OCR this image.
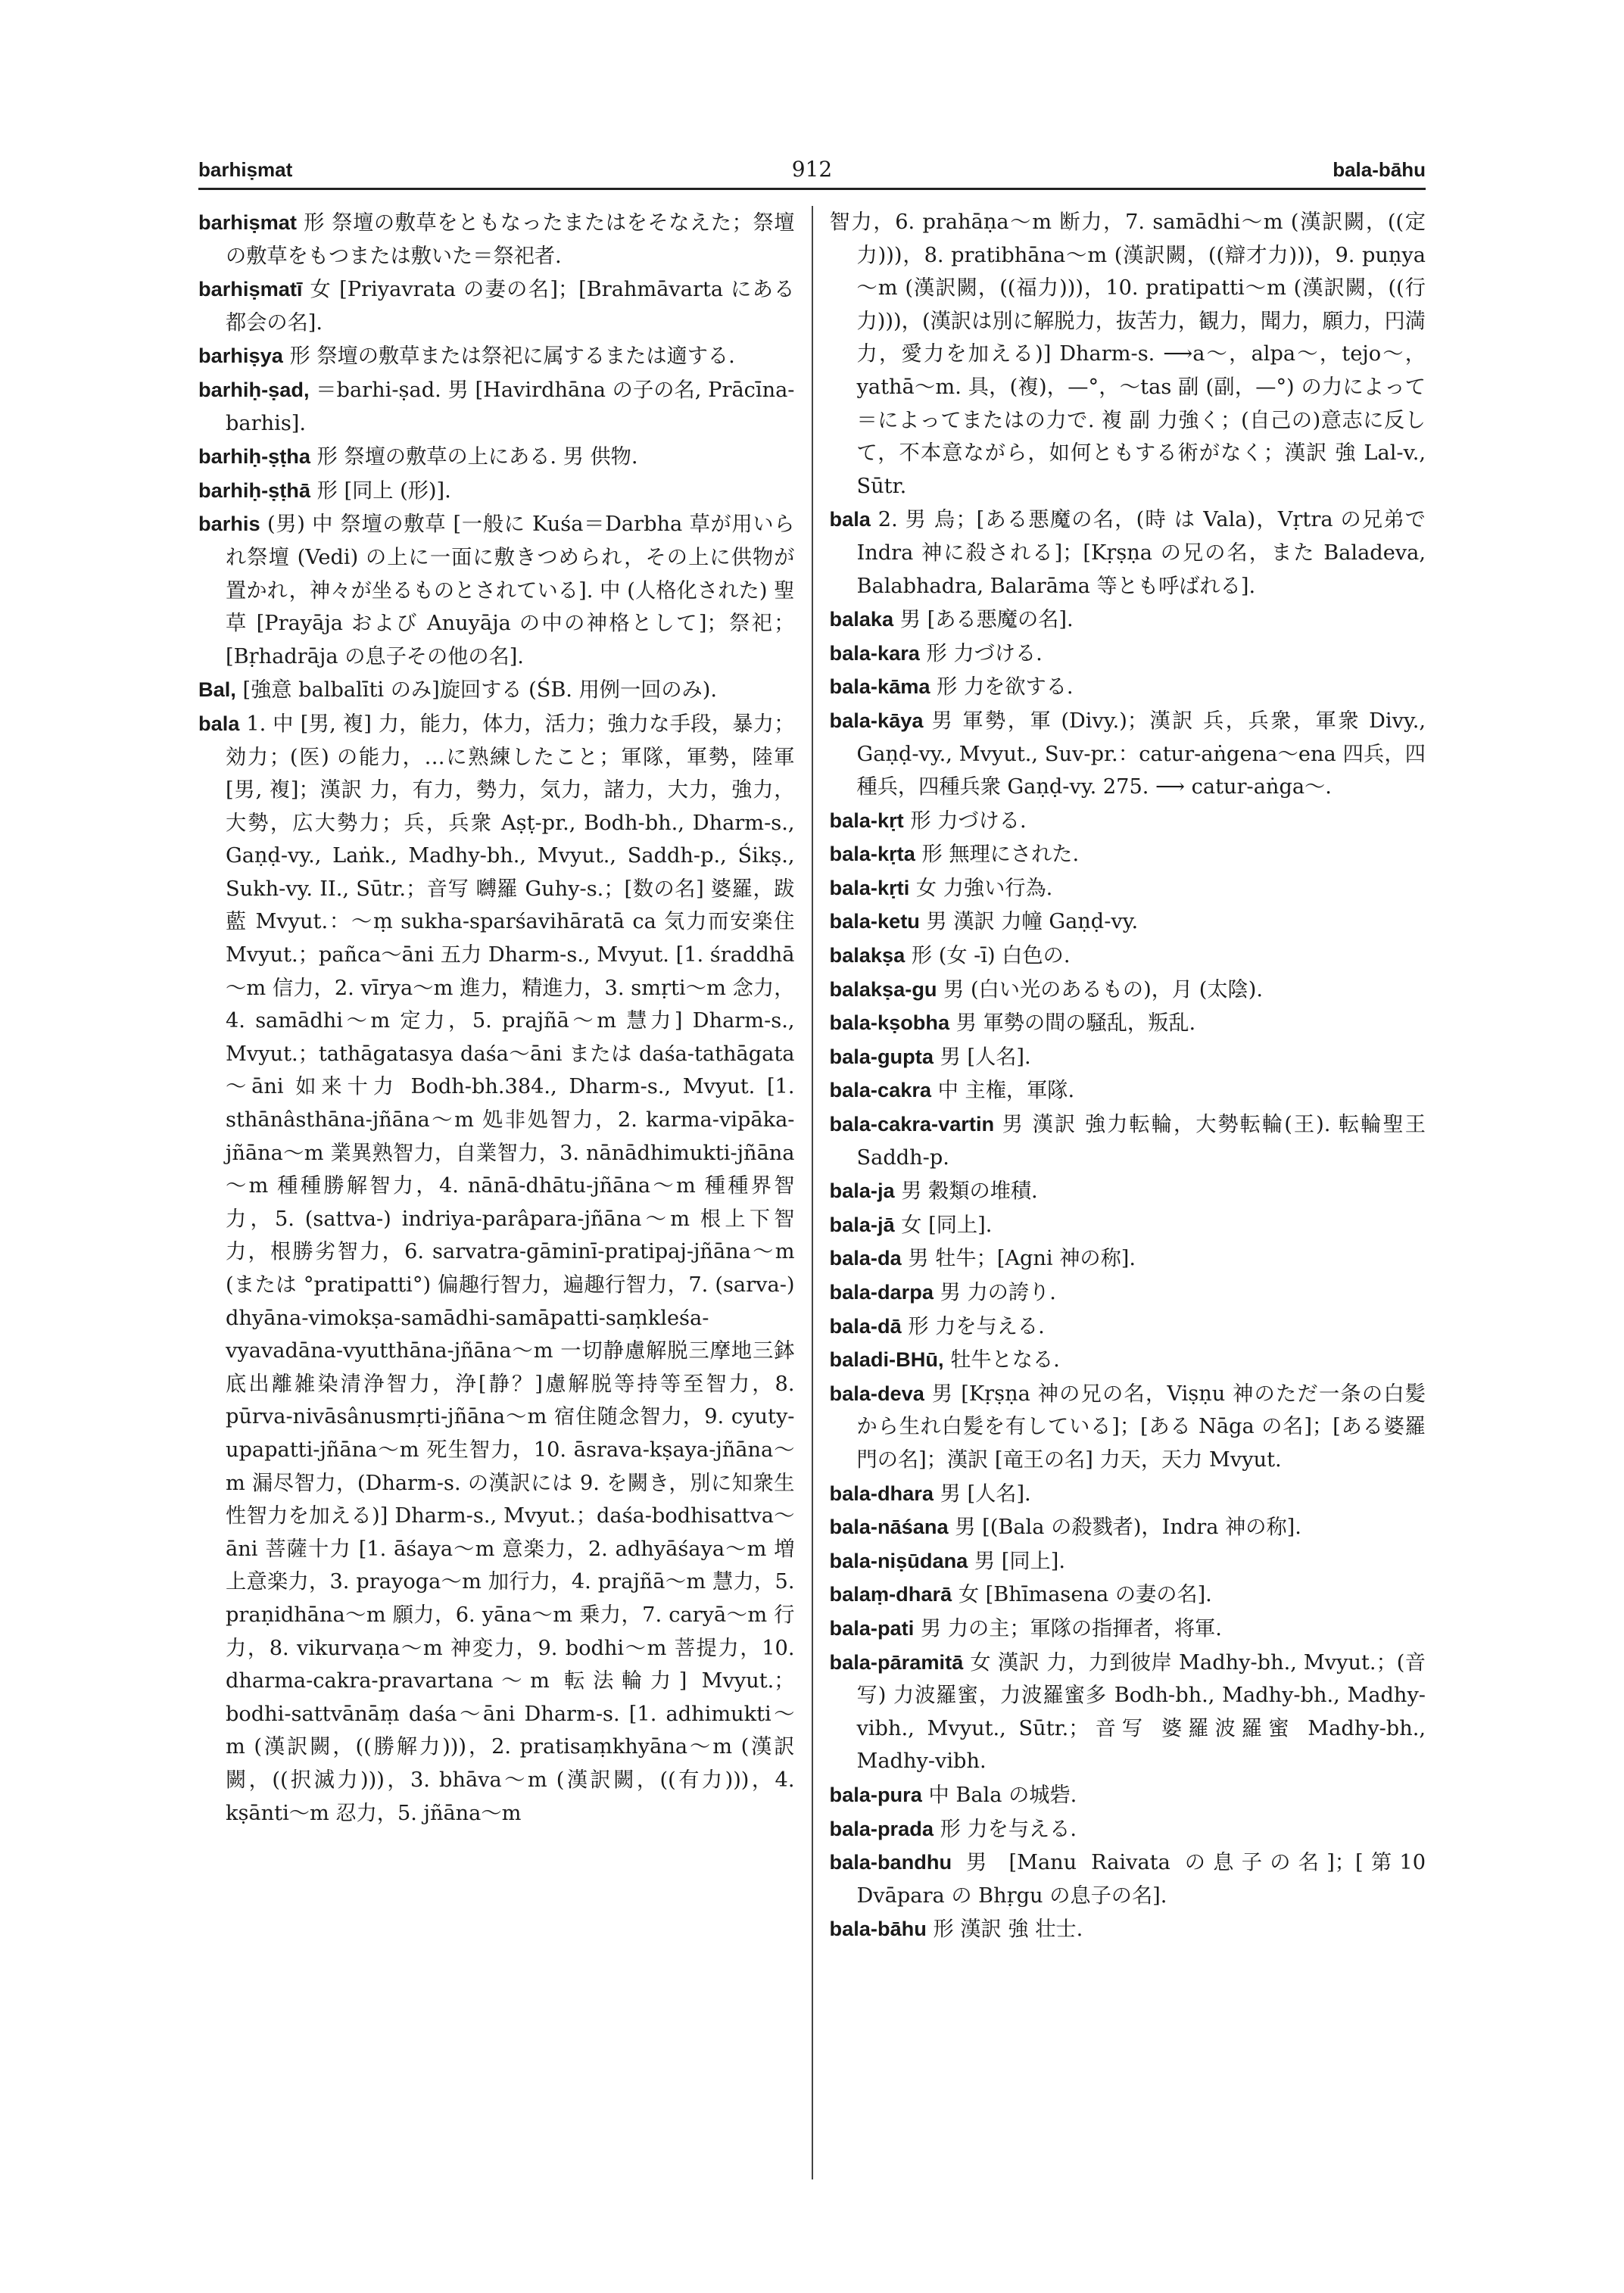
barhiṣmat	912	bala-bāhu

barhiṣmat 形 祭壇の敷草をともなったまたはをそなえた；祭壇の敷草をもつまたは敷いた＝祭祀者.

barhiṣmatī 女 [Priyavrata の妻の名]；[Brahmāvarta にある都会の名].

barhiṣya 形 祭壇の敷草または祭祀に属するまたは適する.

barhiḥ-ṣad, ＝barhi-ṣad. 男 [Havirdhāna の子の名, Prācīna-barhis].

barhiḥ-ṣṭha 形 祭壇の敷草の上にある. 男 供物.

barhiḥ-ṣṭhā 形 [同上 (形)].

barhis (男) 中 祭壇の敷草 [一般に Kuśa＝Darbha 草が用いられ祭壇 (Vedi) の上に一面に敷きつめられ，その上に供物が置かれ，神々が坐るものとされている]. 中 (人格化された) 聖草 [Prayāja および Anuyāja の中の神格として]；祭祀；[Bṛhadrāja の息子その他の名].

Bal, [強意 balbalīti のみ]旋回する (ŚB. 用例一回のみ).

bala 1. 中 [男, 複] 力，能力，体力，活力；強力な手段，暴力；効力；(医) の能力，…に熟練したこと；軍隊，軍勢，陸軍 [男, 複]；漢訳 力，有力，勢力，気力，諸力，大力，強力，大勢，広大勢力；兵，兵衆 Aṣṭ-pr., Bodh-bh., Dharm-s., Gaṇḍ-vy., Laṅk., Madhy-bh., Mvyut., Saddh-p., Śikṣ., Sukh-vy. II., Sūtr.；音写 嚩羅 Guhy-s.；[数の名] 婆羅，跋藍 Mvyut.：～ṃ sukha-sparśavihāratā ca 気力而安楽住 Mvyut.；pañca～āni 五力 Dharm-s., Mvyut. [1. śraddhā～m 信力，2. vīrya～m 進力，精進力，3. smṛti～m 念力，4. samādhi～m 定力，5. prajñā～m 慧力] Dharm-s., Mvyut.；tathāgatasya daśa～āni または daśa-tathāgata～āni 如来十力 Bodh-bh.384., Dharm-s., Mvyut. [1. sthānâsthāna-jñāna～m 処非処智力，2. karma-vipāka-jñāna～m 業異熟智力，自業智力，3. nānādhimukti-jñāna～m 種種勝解智力，4. nānā-dhātu-jñāna～m 種種界智力，5. (sattva-) indriya-parâpara-jñāna～m 根上下智力，根勝劣智力，6. sarvatra-gāminī-pratipaj-jñāna～m (または °pratipatti°) 偏趣行智力，遍趣行智力，7. (sarva-) dhyāna-vimokṣa-samādhi-samāpatti-saṃkleśa-vyavadāna-vyutthāna-jñāna～m 一切静慮解脱三摩地三鉢底出離雑染清浄智力，浄[静？]慮解脱等持等至智力，8. pūrva-nivāsânusmṛti-jñāna～m 宿住随念智力，9. cyuty-upapatti-jñāna～m 死生智力，10. āsrava-kṣaya-jñāna～m 漏尽智力，(Dharm-s. の漢訳には 9. を闕き，別に知衆生性智力を加える)] Dharm-s., Mvyut.；daśa-bodhisattva～āni 菩薩十力 [1. āśaya～m 意楽力，2. adhyāśaya～m 増上意楽力，3. prayoga～m 加行力，4. prajñā～m 慧力，5. praṇidhāna～m 願力，6. yāna～m 乗力，7. caryā～m 行力，8. vikurvaṇa～m 神変力，9. bodhi～m 菩提力，10. dharma-cakra-pravartana～m 転法輪力] Mvyut.；bodhi-sattvānāṃ daśa～āni Dharm-s. [1. adhimukti～m (漢訳闕，((勝解力)))，2. pratisaṃkhyāna～m (漢訳闕，((択滅力)))，3. bhāva～m (漢訳闕，((有力)))，4. kṣānti～m 忍力，5. jñāna～m

智力，6. prahāṇa～m 断力，7. samādhi～m (漢訳闕，((定力)))，8. pratibhāna～m (漢訳闕，((辯才力)))，9. puṇya～m (漢訳闕，((福力)))，10. pratipatti～m (漢訳闕，((行力)))，(漢訳は別に解脱力，抜苦力，観力，聞力，願力，円満力，愛力を加える)] Dharm-s. ⟶a～，alpa～，tejo～，yathā～m. 具，(複)，—°，～tas 副 (副，—°) の力によって＝によってまたはの力で. 複 副 力強く；(自己の)意志に反して，不本意ながら，如何ともする術がなく；漢訳 強 Lal-v., Sūtr.

bala 2. 男 烏；[ある悪魔の名，(時 は Vala)，Vṛtra の兄弟で Indra 神に殺される]；[Kṛṣṇa の兄の名，また Baladeva, Balabhadra, Balarāma 等とも呼ばれる].

balaka 男 [ある悪魔の名].

bala-kara 形 力づける.

bala-kāma 形 力を欲する.

bala-kāya 男 軍勢，軍 (Divy.)；漢訳 兵，兵衆，軍衆 Divy., Gaṇḍ-vy., Mvyut., Suv-pr.：catur-aṅgena～ena 四兵，四種兵，四種兵衆 Gaṇḍ-vy. 275. ⟶ catur-aṅga～.

bala-kṛt 形 力づける.

bala-kṛta 形 無理にされた.

bala-kṛti 女 力強い行為.

bala-ketu 男 漢訳 力幢 Gaṇḍ-vy.

balakṣa 形 (女 -ī) 白色の.

balakṣa-gu 男 (白い光のあるもの)，月 (太陰).

bala-kṣobha 男 軍勢の間の騒乱，叛乱.

bala-gupta 男 [人名].

bala-cakra 中 主権，軍隊.

bala-cakra-vartin 男 漢訳 強力転輪，大勢転輪(王). 転輪聖王 Saddh-p.

bala-ja 男 穀類の堆積.

bala-jā 女 [同上].

bala-da 男 牡牛；[Agni 神の称].

bala-darpa 男 力の誇り.

bala-dā 形 力を与える.

baladi-BHū, 牡牛となる.

bala-deva 男 [Kṛṣṇa 神の兄の名，Viṣṇu 神のただ一条の白髪から生れ白髪を有している]；[ある Nāga の名]；[ある婆羅門の名]；漢訳 [竜王の名] 力天，天力 Mvyut.

bala-dhara 男 [人名].

bala-nāśana 男 [(Bala の殺戮者)，Indra 神の称].

bala-niṣūdana 男 [同上].

balaṃ-dharā 女 [Bhīmasena の妻の名].

bala-pati 男 力の主；軍隊の指揮者，将軍.

bala-pāramitā 女 漢訳 力，力到彼岸 Madhy-bh., Mvyut.；(音写) 力波羅蜜，力波羅蜜多 Bodh-bh., Madhy-bh., Madhy-vibh., Mvyut., Sūtr.；音写 婆羅波羅蜜 Madhy-bh., Madhy-vibh.

bala-pura 中 Bala の城砦.

bala-prada 形 力を与える.

bala-bandhu 男 [Manu Raivata の息子の名]；[第10 Dvāpara の Bhṛgu の息子の名].

bala-bāhu 形 漢訳 強 壮士.
